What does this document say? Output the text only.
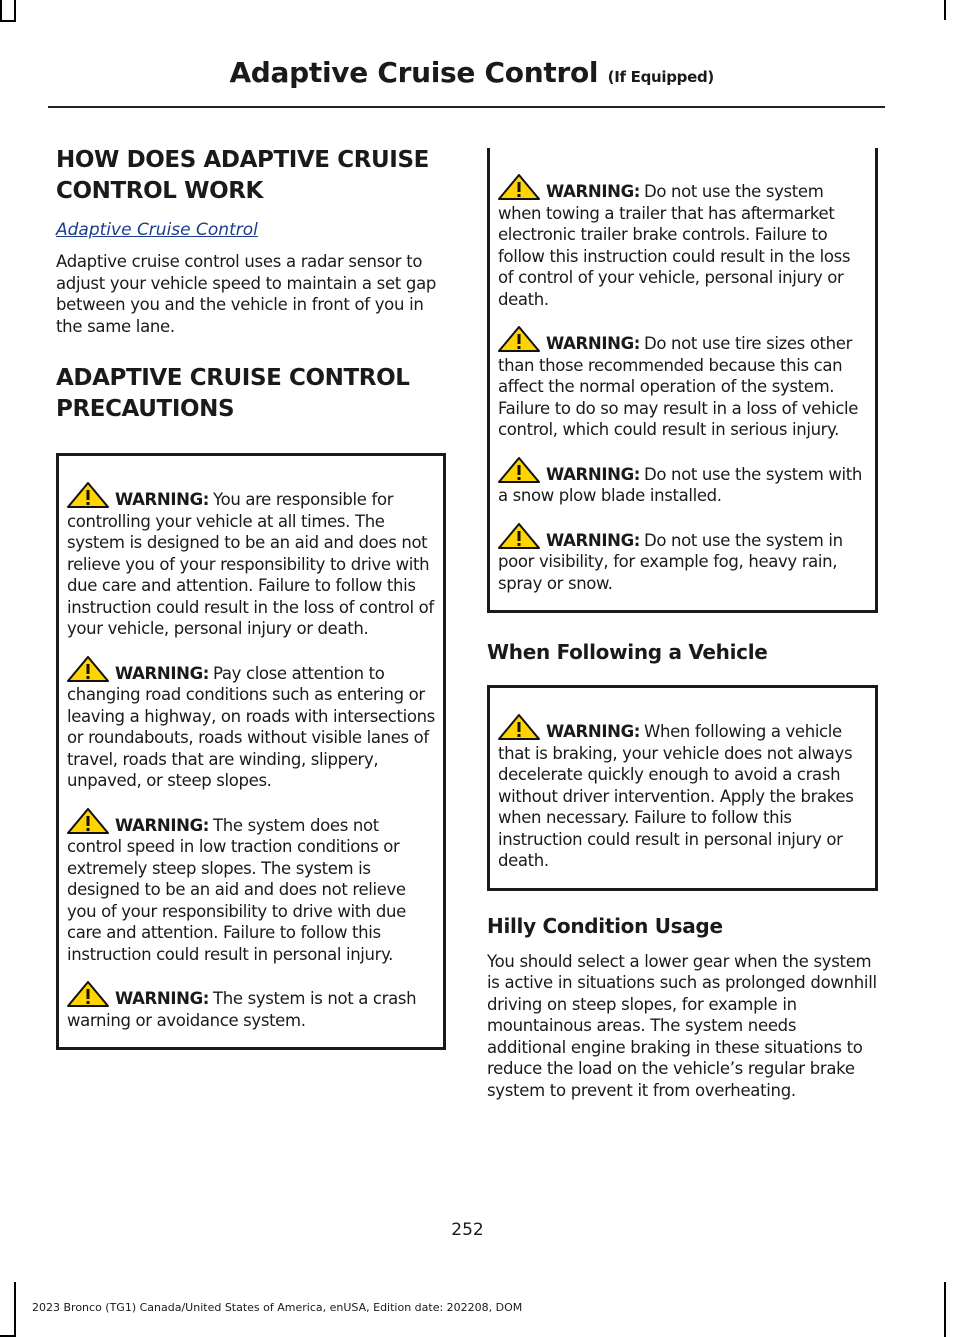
Adaptive Cruise Control (If Equipped)
HOW DOES ADAPTIVE CRUISE CONTROL WORK
Adaptive Cruise Control

Adaptive cruise control uses a radar sensor to adjust your vehicle speed to maintain a set gap between you and the vehicle in front of you in the same lane.

ADAPTIVE CRUISE CONTROL PRECAUTIONS

WARNING: You are responsible for controlling your vehicle at all times. The system is designed to be an aid and does not relieve you of your responsibility to drive with due care and attention. Failure to follow this instruction could result in the loss of control of your vehicle, personal injury or death.

WARNING: Pay close attention to changing road conditions such as entering or leaving a highway, on roads with intersections or roundabouts, roads without visible lanes of travel, roads that are winding, slippery, unpaved, or steep slopes.

WARNING: The system does not control speed in low traction conditions or extremely steep slopes. The system is designed to be an aid and does not relieve you of your responsibility to drive with due care and attention. Failure to follow this instruction could result in personal injury.

WARNING: The system is not a crash warning or avoidance system.

WARNING: Do not use the system when towing a trailer that has aftermarket electronic trailer brake controls. Failure to follow this instruction could result in the loss of control of your vehicle, personal injury or death.

WARNING: Do not use tire sizes other than those recommended because this can affect the normal operation of the system. Failure to do so may result in a loss of vehicle control, which could result in serious injury.

WARNING: Do not use the system with a snow plow blade installed.

WARNING: Do not use the system in poor visibility, for example fog, heavy rain, spray or snow.

When Following a Vehicle

WARNING: When following a vehicle that is braking, your vehicle does not always decelerate quickly enough to avoid a crash without driver intervention. Apply the brakes when necessary. Failure to follow this instruction could result in personal injury or death.

Hilly Condition Usage

You should select a lower gear when the system is active in situations such as prolonged downhill driving on steep slopes, for example in mountainous areas. The system needs additional engine braking in these situations to reduce the load on the vehicle’s regular brake system to prevent it from overheating.

252
2023 Bronco (TG1) Canada/United States of America, enUSA, Edition date: 202208, DOM
